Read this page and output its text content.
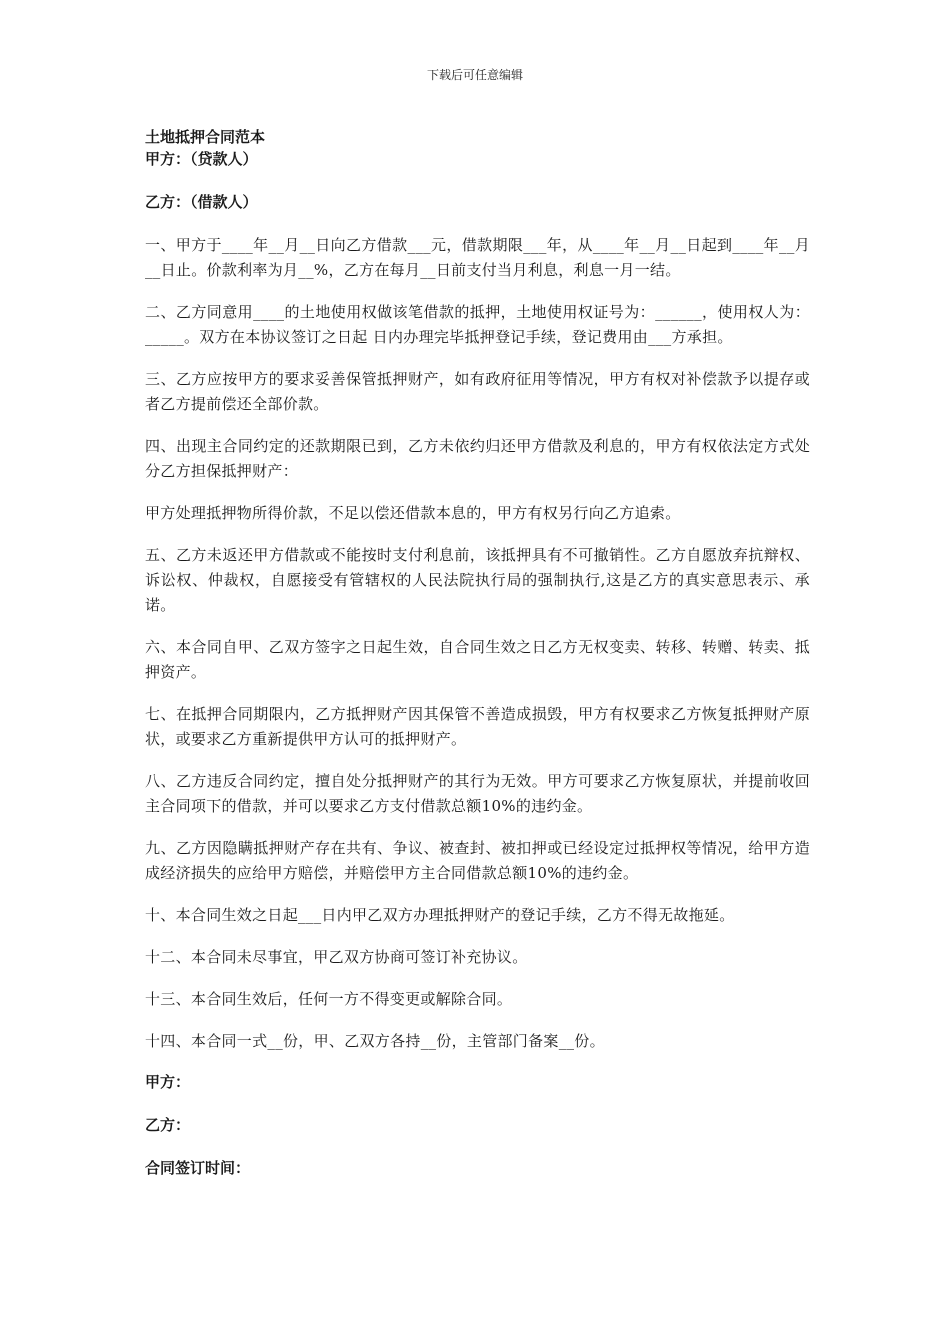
下载后可任意编辑

土地抵押合同范本

甲方：（贷款人）

乙方：（借款人）

一、甲方于____年__月__日向乙方借款___元，借款期限___年，从____年__月__日起到____年__月__日止。价款利率为月__%，乙方在每月__日前支付当月利息，利息一月一结。

二、乙方同意用____的土地使用权做该笔借款的抵押，土地使用权证号为：______，使用权人为：_____。双方在本协议签订之日起 日内办理完毕抵押登记手续，登记费用由___方承担。

三、乙方应按甲方的要求妥善保管抵押财产，如有政府征用等情况，甲方有权对补偿款予以提存或者乙方提前偿还全部价款。

四、出现主合同约定的还款期限已到，乙方未依约归还甲方借款及利息的，甲方有权依法定方式处分乙方担保抵押财产：

甲方处理抵押物所得价款，不足以偿还借款本息的，甲方有权另行向乙方追索。

五、乙方未返还甲方借款或不能按时支付利息前，该抵押具有不可撤销性。乙方自愿放弃抗辩权、诉讼权、仲裁权，自愿接受有管辖权的人民法院执行局的强制执行,这是乙方的真实意思表示、承诺。

六、本合同自甲、乙双方签字之日起生效，自合同生效之日乙方无权变卖、转移、转赠、转卖、抵押资产。

七、在抵押合同期限内，乙方抵押财产因其保管不善造成损毁，甲方有权要求乙方恢复抵押财产原状，或要求乙方重新提供甲方认可的抵押财产。

八、乙方违反合同约定，擅自处分抵押财产的其行为无效。甲方可要求乙方恢复原状，并提前收回主合同项下的借款，并可以要求乙方支付借款总额10%的违约金。

九、乙方因隐瞒抵押财产存在共有、争议、被查封、被扣押或已经设定过抵押权等情况，给甲方造成经济损失的应给甲方赔偿，并赔偿甲方主合同借款总额10%的违约金。

十、本合同生效之日起___日内甲乙双方办理抵押财产的登记手续，乙方不得无故拖延。

十二、本合同未尽事宜，甲乙双方协商可签订补充协议。

十三、本合同生效后，任何一方不得变更或解除合同。

十四、本合同一式__份，甲、乙双方各持__份，主管部门备案__份。

甲方：

乙方：

合同签订时间：
